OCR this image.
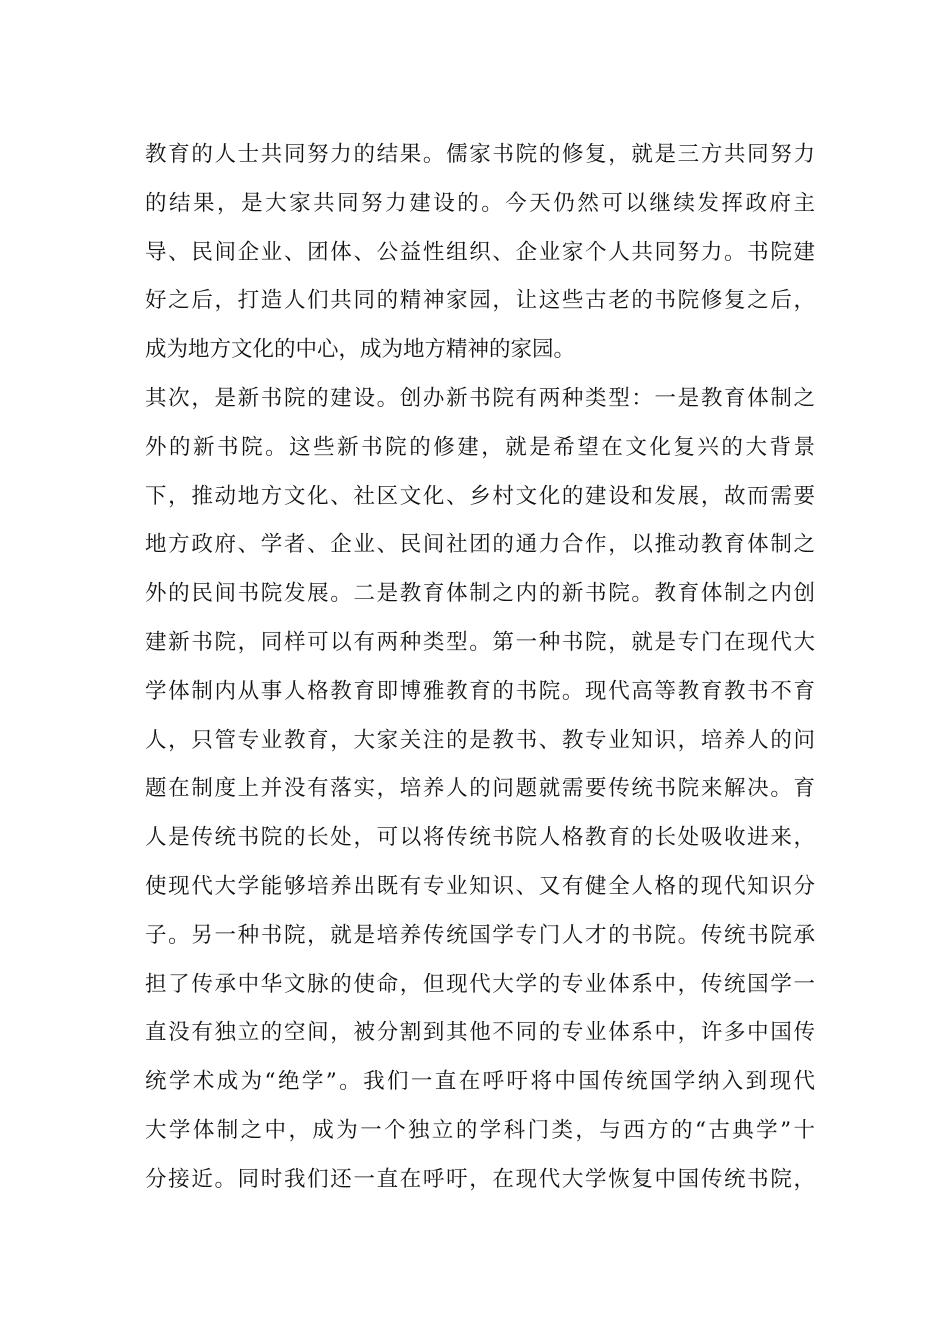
教育的人士共同努力的结果。儒家书院的修复，就是三方共同努力
的结果，是大家共同努力建设的。今天仍然可以继续发挥政府主
导、民间企业、团体、公益性组织、企业家个人共同努力。书院建
好之后，打造人们共同的精神家园，让这些古老的书院修复之后，
成为地方文化的中心，成为地方精神的家园。
其次，是新书院的建设。创办新书院有两种类型：一是教育体制之
外的新书院。这些新书院的修建，就是希望在文化复兴的大背景
下，推动地方文化、社区文化、乡村文化的建设和发展，故而需要
地方政府、学者、企业、民间社团的通力合作，以推动教育体制之
外的民间书院发展。二是教育体制之内的新书院。教育体制之内创
建新书院，同样可以有两种类型。第一种书院，就是专门在现代大
学体制内从事人格教育即博雅教育的书院。现代高等教育教书不育
人，只管专业教育，大家关注的是教书、教专业知识，培养人的问
题在制度上并没有落实，培养人的问题就需要传统书院来解决。育
人是传统书院的长处，可以将传统书院人格教育的长处吸收进来，
使现代大学能够培养出既有专业知识、又有健全人格的现代知识分
子。另一种书院，就是培养传统国学专门人才的书院。传统书院承
担了传承中华文脉的使命，但现代大学的专业体系中，传统国学一
直没有独立的空间，被分割到其他不同的专业体系中，许多中国传
统学术成为“绝学”。我们一直在呼吁将中国传统国学纳入到现代
大学体制之中，成为一个独立的学科门类，与西方的“古典学”十
分接近。同时我们还一直在呼吁，在现代大学恢复中国传统书院，
